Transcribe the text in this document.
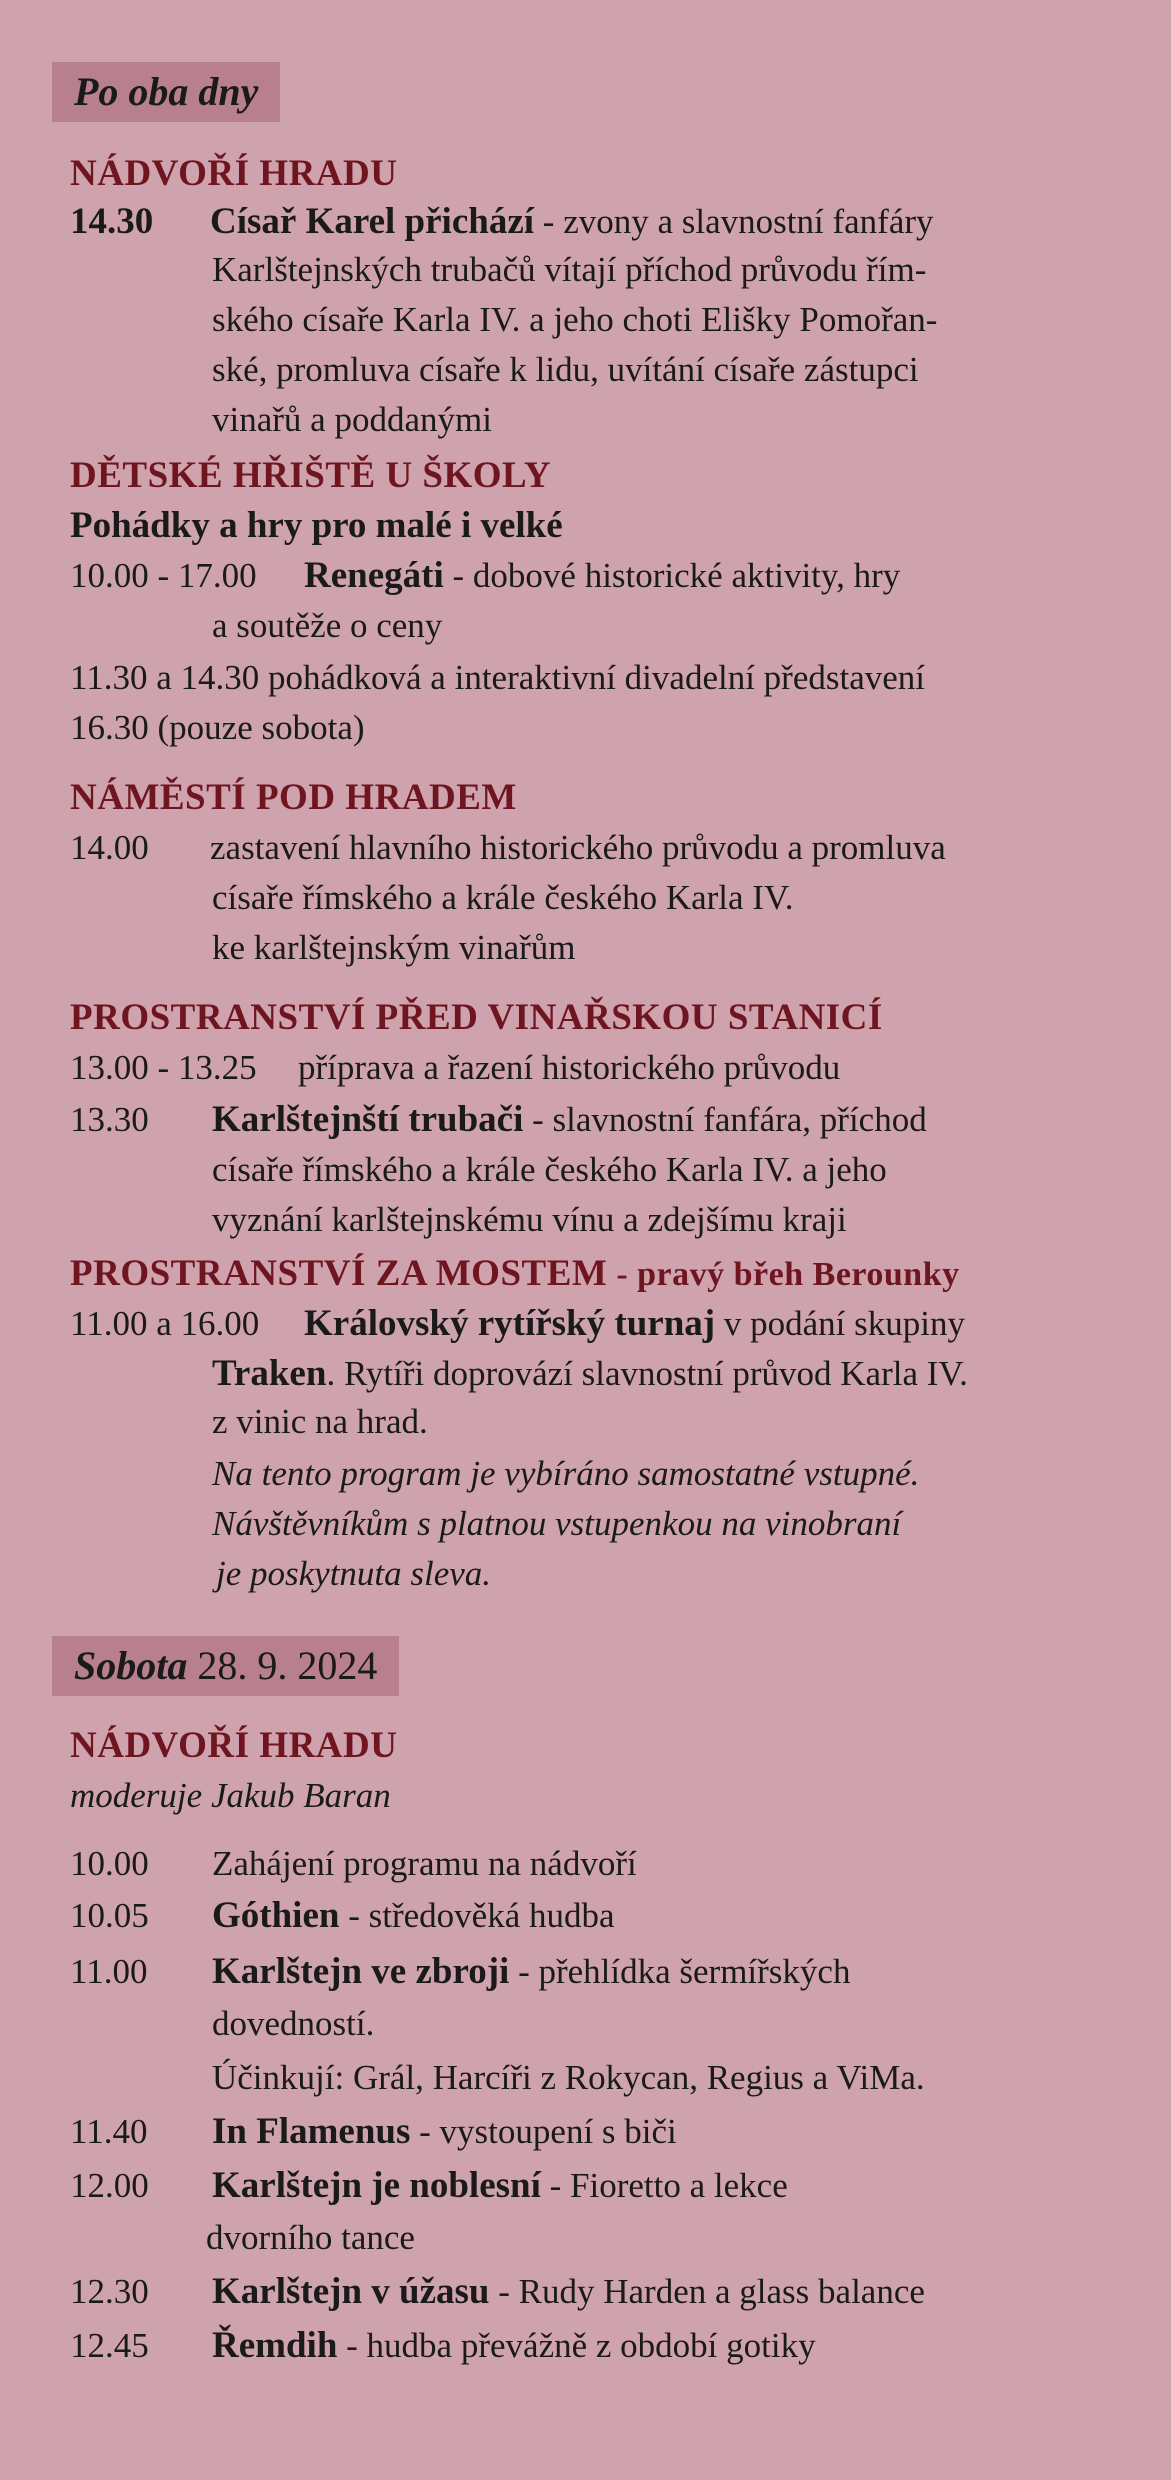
Po oba dny
NÁDVOŘÍ HRADU
14.30 Císař Karel přichází - zvony a slavnostní fanfáry
Karlštejnských trubačů vítají příchod průvodu řím-
ského císaře Karla IV. a jeho choti Elišky Pomořan-
ské, promluva císaře k lidu, uvítání císaře zástupci
vinařů a poddanými
DĚTSKÉ HŘIŠTĚ U ŠKOLY
Pohádky a hry pro malé i velké
10.00 - 17.00 Renegáti - dobové historické aktivity, hry
a soutěže o ceny
11.30 a 14.30 pohádková a interaktivní divadelní představení
16.30 (pouze sobota)
NÁMĚSTÍ POD HRADEM
14.00 zastavení hlavního historického průvodu a promluva
císaře římského a krále českého Karla IV.
ke karlštejnským vinařům
PROSTRANSTVÍ PŘED VINAŘSKOU STANICÍ
13.00 - 13.25 příprava a řazení historického průvodu
13.30 Karlštejnští trubači - slavnostní fanfára, příchod
císaře římského a krále českého Karla IV. a jeho
vyznání karlštejnskému vínu a zdejšímu kraji
PROSTRANSTVÍ ZA MOSTEM - pravý břeh Berounky
11.00 a 16.00 Královský rytířský turnaj v podání skupiny
Traken. Rytíři doprovází slavnostní průvod Karla IV.
z vinic na hrad.
Na tento program je vybíráno samostatné vstupné.
Návštěvníkům s platnou vstupenkou na vinobraní
je poskytnuta sleva.
Sobota 28. 9. 2024
NÁDVOŘÍ HRADU
moderuje Jakub Baran
10.00 Zahájení programu na nádvoří
10.05 Góthien - středověká hudba
11.00 Karlštejn ve zbroji - přehlídka šermířských
dovedností.
Účinkují: Grál, Harcíři z Rokycan, Regius a ViMa.
11.40 In Flamenus - vystoupení s biči
12.00 Karlštejn je noblesní - Fioretto a lekce
dvorního tance
12.30 Karlštejn v úžasu - Rudy Harden a glass balance
12.45 Řemdih - hudba převážně z období gotiky
